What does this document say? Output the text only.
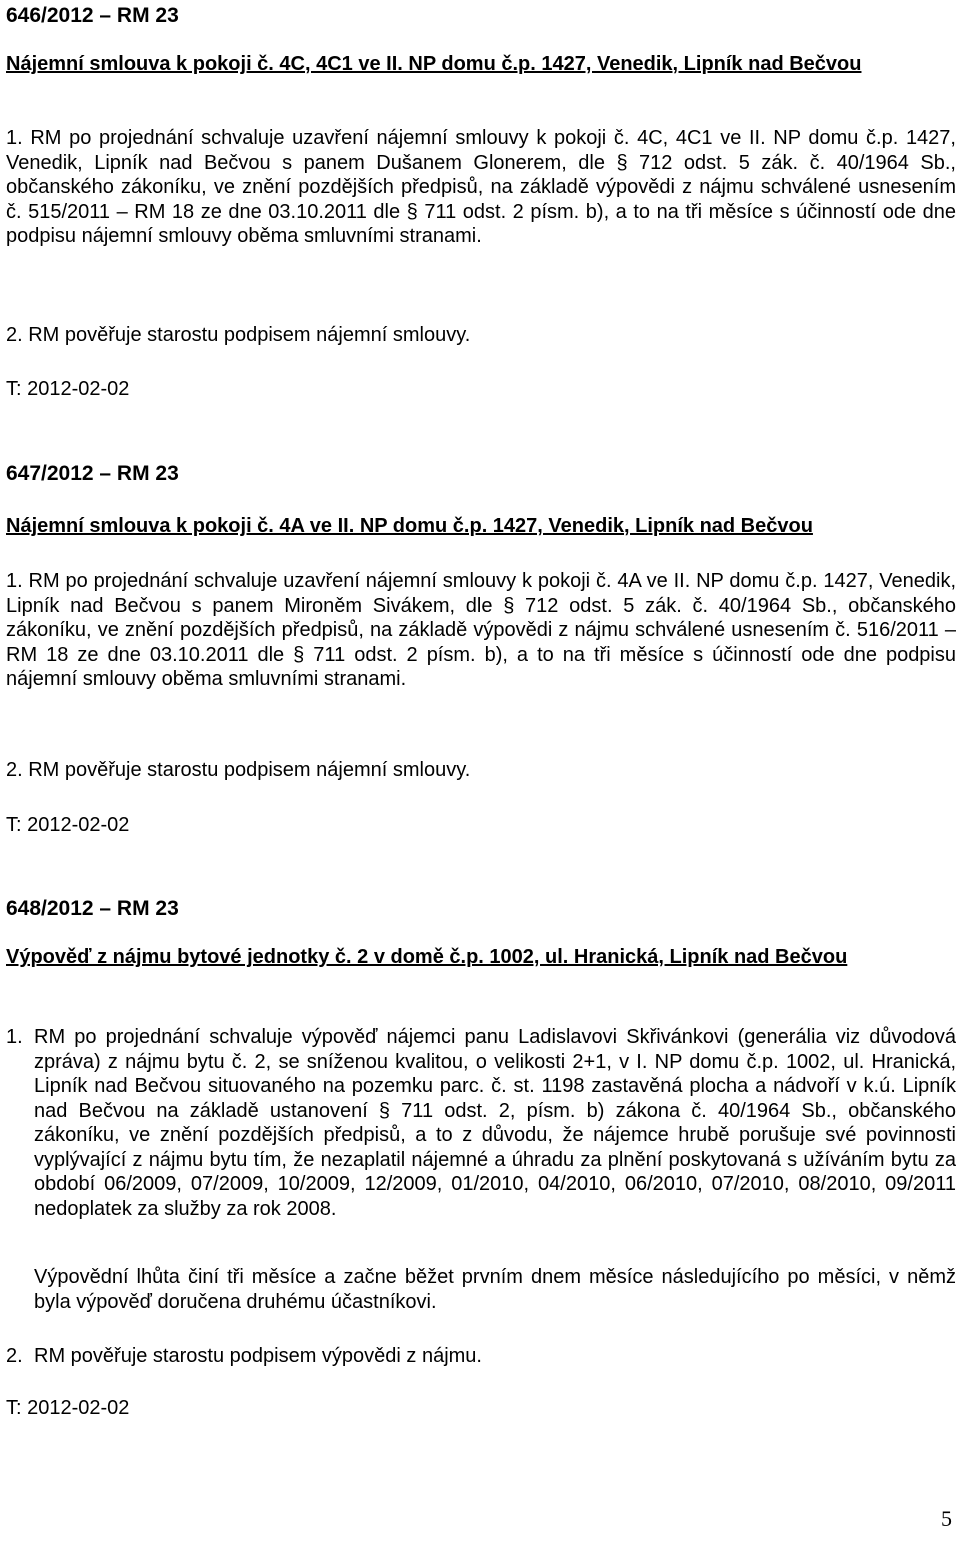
646/2012 – RM 23
Nájemní smlouva k pokoji č. 4C, 4C1 ve II. NP domu č.p. 1427, Venedik, Lipník nad Bečvou

1. RM po projednání schvaluje uzavření nájemní smlouvy k pokoji č. 4C, 4C1 ve II. NP domu č.p. 1427, Venedik, Lipník nad Bečvou s panem Dušanem Glonerem, dle § 712 odst. 5 zák. č. 40/1964 Sb., občanského zákoníku, ve znění pozdějších předpisů, na základě výpovědi z nájmu schválené usnesením č. 515/2011 – RM 18 ze dne 03.10.2011 dle § 711 odst. 2 písm. b), a to na tři měsíce s účinností ode dne podpisu nájemní smlouvy oběma smluvními stranami.

2. RM pověřuje starostu podpisem nájemní smlouvy.

T: 2012-02-02

647/2012 – RM 23
Nájemní smlouva k pokoji č. 4A ve II. NP domu č.p. 1427, Venedik, Lipník nad Bečvou

1. RM po projednání schvaluje uzavření nájemní smlouvy k pokoji č. 4A ve II. NP domu č.p. 1427, Venedik, Lipník nad Bečvou s panem Mironěm Sivákem, dle § 712 odst. 5 zák. č. 40/1964 Sb., občanského zákoníku, ve znění pozdějších předpisů, na základě výpovědi z nájmu schválené usnesením č. 516/2011 – RM 18 ze dne 03.10.2011 dle § 711 odst. 2 písm. b), a to na tři měsíce s účinností ode dne podpisu nájemní smlouvy oběma smluvními stranami.

2. RM pověřuje starostu podpisem nájemní smlouvy.

T: 2012-02-02

648/2012 – RM 23
Výpověď z nájmu bytové jednotky č. 2 v domě č.p. 1002, ul. Hranická, Lipník nad Bečvou
1. RM po projednání schvaluje výpověď nájemci panu Ladislavovi Skřivánkovi (generália viz důvodová zpráva) z nájmu bytu č. 2, se sníženou kvalitou, o velikosti 2+1, v I. NP domu č.p. 1002, ul. Hranická, Lipník nad Bečvou situovaného na pozemku parc. č. st. 1198 zastavěná plocha a nádvoří v k.ú. Lipník nad Bečvou na základě ustanovení § 711 odst. 2, písm. b) zákona č. 40/1964 Sb., občanského zákoníku, ve znění pozdějších předpisů, a to z důvodu, že nájemce hrubě porušuje své povinnosti vyplývající z nájmu bytu tím, že nezaplatil nájemné a úhradu za plnění poskytovaná s užíváním bytu za období 06/2009, 07/2009, 10/2009, 12/2009, 01/2010, 04/2010, 06/2010, 07/2010, 08/2010, 09/2011 nedoplatek za služby za rok 2008.

Výpovědní lhůta činí tři měsíce a začne běžet prvním dnem měsíce následujícího po měsíci, v němž byla výpověď doručena druhému účastníkovi.

2. RM pověřuje starostu podpisem výpovědi z nájmu.

T: 2012-02-02

5
